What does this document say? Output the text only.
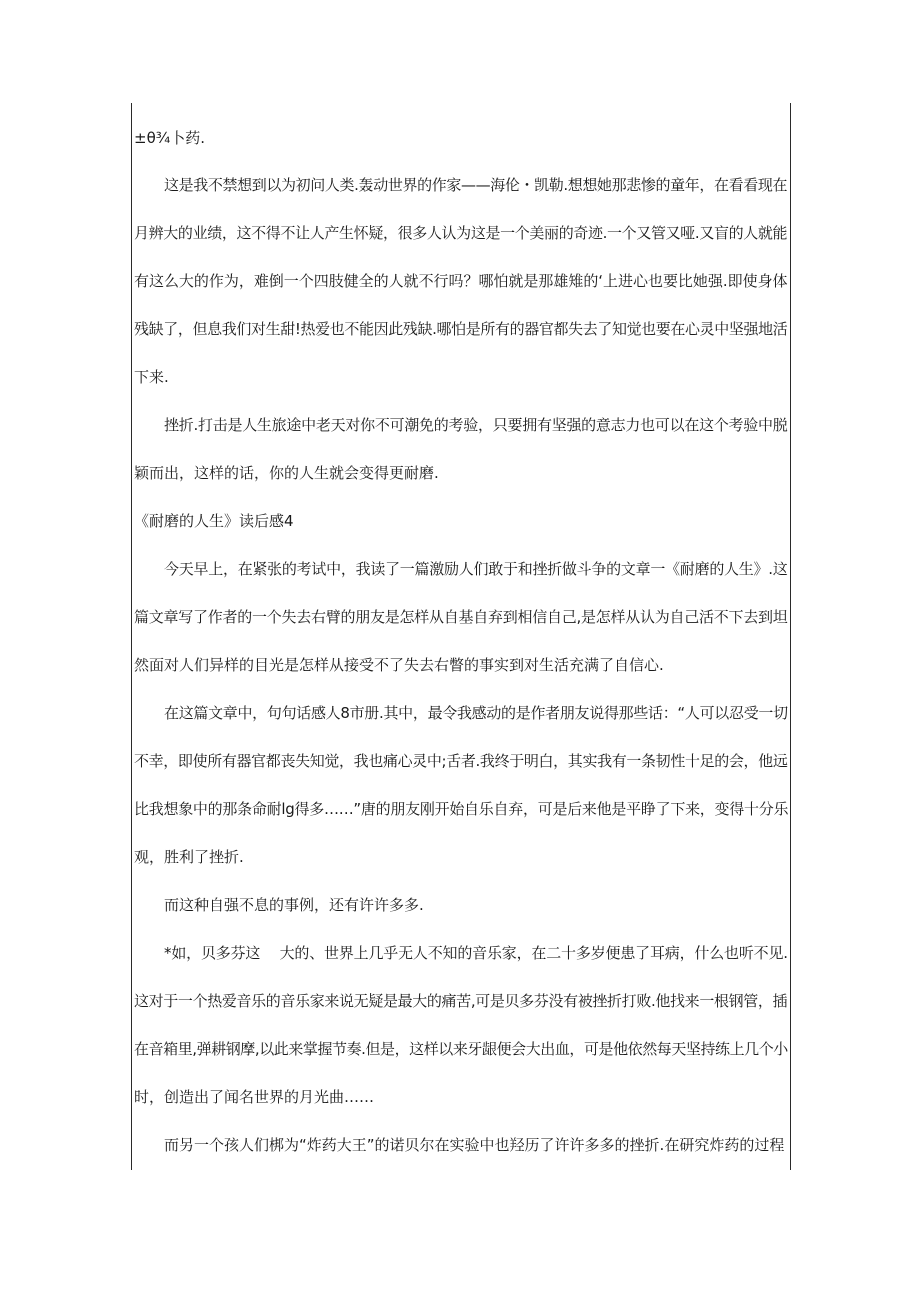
±θ¾卜药.
这是我不禁想到以为初问人类.轰动世界的作家——海伦・凯勒.想想她那悲惨的童年，在看看现在
月辨大的业绩，这不得不让人产生怀疑，很多人认为这是一个美丽的奇迹.一个又管又哑.又盲的人就能
有这么大的作为，难倒一个四肢健全的人就不行吗？哪怕就是那雄雉的‘上进心也要比她强.即使身体
残缺了，但息我们对生甜!热爱也不能因此残缺.哪怕是所有的器官都失去了知觉也要在心灵中坚强地活
下来.
挫折.打击是人生旅途中老天对你不可潮免的考验，只要拥有坚强的意志力也可以在这个考验中脱
颖而出，这样的话，你的人生就会变得更耐磨.
《耐磨的人生》读后感4
今天早上，在紧张的考试中，我读了一篇激励人们敢于和挫折做斗争的文章一《耐磨的人生》.这
篇文章写了作者的一个失去右臂的朋友是怎样从自基自弃到相信自己,是怎样从认为自己活不下去到坦
然面对人们异样的目光是怎样从接受不了失去右瞥的事实到对生活充满了自信心.
在这篇文章中，句句话感人8市册.其中，最令我感动的是作者朋友说得那些话：“人可以忍受一切
不幸，即使所有器官都丧失知觉，我也痛心灵中;舌者.我终于明白，其实我有一条韧性十足的会，他远
比我想象中的那条命耐lg得多……”唐的朋友刚开始自乐自弃，可是后来他是平睁了下来，变得十分乐
观，胜利了挫折.
而这种自强不息的事例，还有许许多多.
*如，贝多芬这　 大的、世界上几乎无人不知的音乐家，在二十多岁便患了耳病，什么也听不见.
这对于一个热爱音乐的音乐家来说无疑是最大的痛苦,可是贝多芬没有被挫折打败.他找来一根钢管，插
在音箱里,弹耕钢摩,以此来掌握节奏.但是，这样以来牙龈便会大出血，可是他依然每天坚持练上几个小
时，创造出了闻名世界的月光曲……
而另一个孩人们梆为“炸药大王”的诺贝尔在实验中也羟历了许许多多的挫折.在研究炸药的过程
